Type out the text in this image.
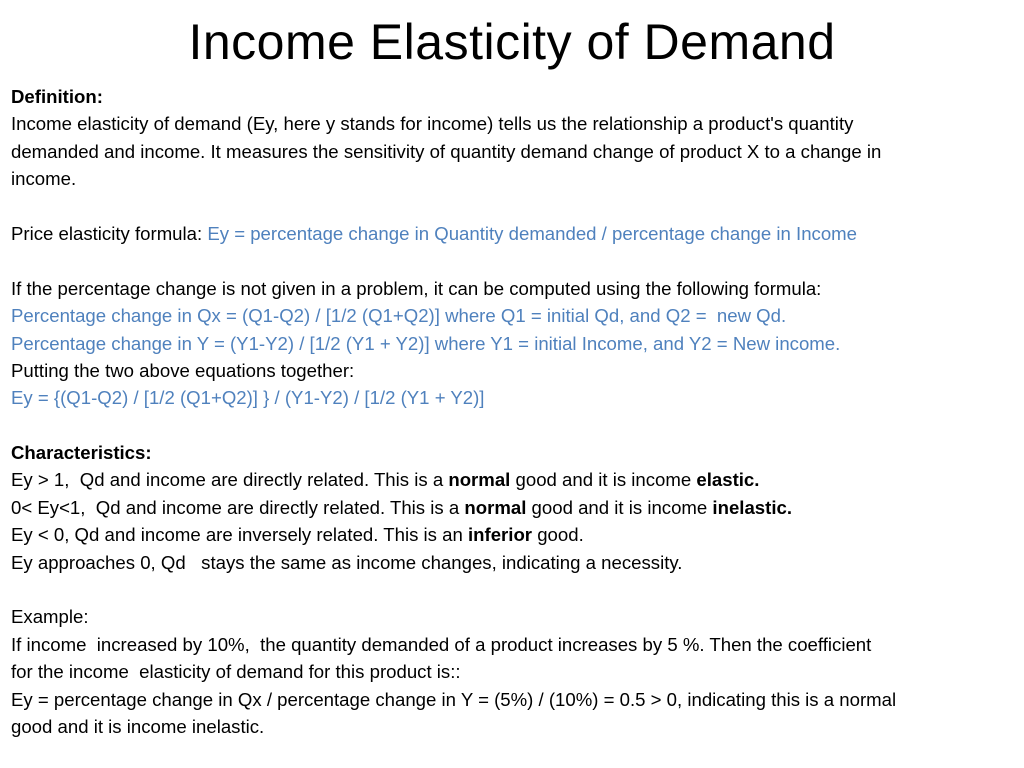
Income Elasticity of Demand
Definition:
Income elasticity of demand (Ey, here y stands for income) tells us the relationship a product's quantity
demanded and income. It measures the sensitivity of quantity demand change of product X to a change in
income.
Price elasticity formula: Ey = percentage change in Quantity demanded / percentage change in Income
If the percentage change is not given in a problem, it can be computed using the following formula:
Percentage change in Qx = (Q1-Q2) / [1/2 (Q1+Q2)] where Q1 = initial Qd, and Q2 =  new Qd.
Percentage change in Y = (Y1-Y2) / [1/2 (Y1 + Y2)] where Y1 = initial Income, and Y2 = New income.
Putting the two above equations together:
Ey = {(Q1-Q2) / [1/2 (Q1+Q2)] } / (Y1-Y2) / [1/2 (Y1 + Y2)]
Characteristics:
Ey > 1,  Qd and income are directly related. This is a normal good and it is income elastic.
0< Ey<1,  Qd and income are directly related. This is a normal good and it is income inelastic.
Ey < 0, Qd and income are inversely related. This is an inferior good.
Ey approaches 0, Qd   stays the same as income changes, indicating a necessity.
Example:
If income  increased by 10%,  the quantity demanded of a product increases by 5 %. Then the coefficient
for the income  elasticity of demand for this product is::
Ey = percentage change in Qx / percentage change in Y = (5%) / (10%) = 0.5 > 0, indicating this is a normal
good and it is income inelastic.
